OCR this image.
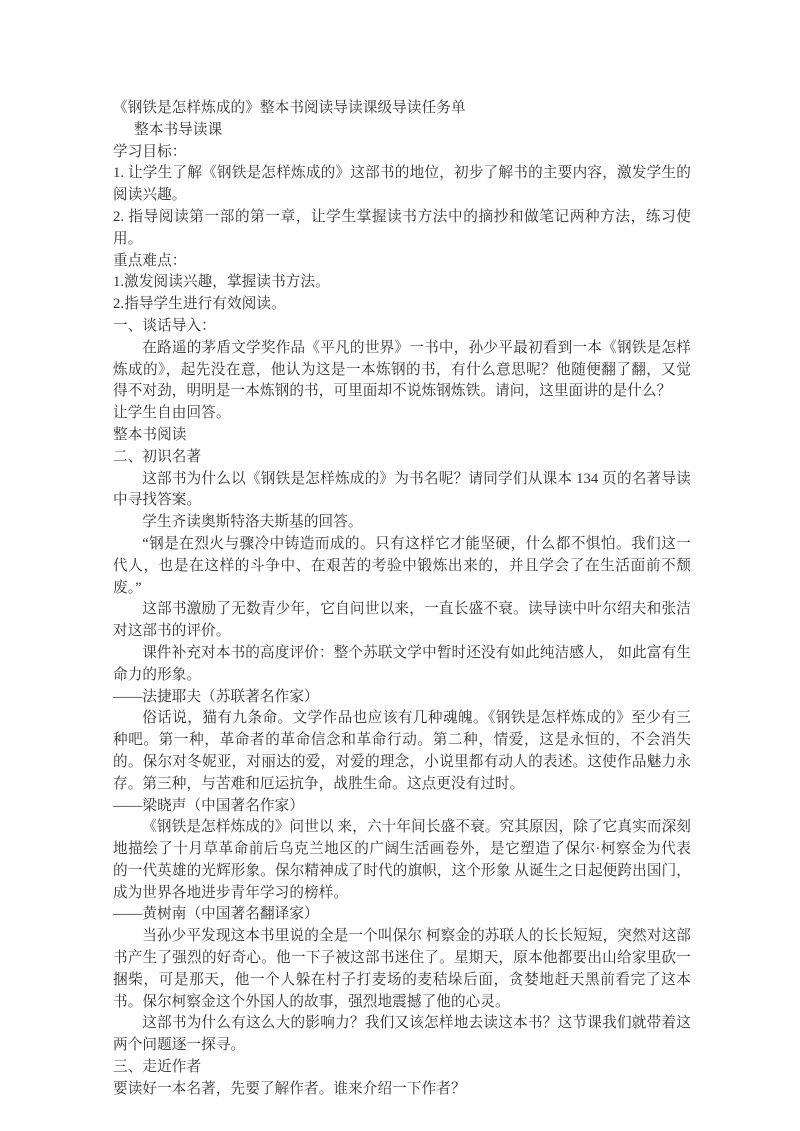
《钢铁是怎样炼成的》整本书阅读导读课级导读任务单
整本书导读课
学习目标：

1. 让学生了解《钢铁是怎样炼成的》这部书的地位，初步了解书的主要内容，激发学生的阅读兴趣。

2. 指导阅读第一部的第一章，让学生掌握读书方法中的摘抄和做笔记两种方法，练习使用。

重点难点：
1.激发阅读兴趣，掌握读书方法。
2.指导学生进行有效阅读。
一、谈话导入：

在路遥的茅盾文学奖作品《平凡的世界》一书中，孙少平最初看到一本《钢铁是怎样炼成的》，起先没在意，他认为这是一本炼钢的书，有什么意思呢？他随便翻了翻，又觉得不对劲，明明是一本炼钢的书，可里面却不说炼钢炼铁。请问，这里面讲的是什么？

让学生自由回答。
整本书阅读
二、初识名著

这部书为什么以《钢铁是怎样炼成的》为书名呢？请同学们从课本 134 页的名著导读中寻找答案。

学生齐读奥斯特洛夫斯基的回答。

“钢是在烈火与骤冷中铸造而成的。只有这样它才能坚硬，什么都不惧怕。我们这一代人，也是在这样的斗争中、在艰苦的考验中锻炼出来的，并且学会了在生活面前不颓废。”

这部书激励了无数青少年，它自问世以来，一直长盛不衰。读导读中叶尔绍夫和张洁对这部书的评价。

课件补充对本书的高度评价：整个苏联文学中暂时还没有如此纯洁感人， 如此富有生命力的形象。

——法捷耶夫（苏联著名作家）

俗话说，猫有九条命。文学作品也应该有几种魂魄。《钢铁是怎样炼成的》至少有三种吧。第一种，革命者的革命信念和革命行动。第二种，情爱，这是永恒的，不会消失的。保尔对冬妮亚，对丽达的爱，对爱的理念，小说里都有动人的表述。这使作品魅力永存。第三种，与苦难和厄运抗争，战胜生命。这点更没有过时。

——梁晓声（中国著名作家）

《钢铁是怎样炼成的》问世以 来，六十年间长盛不衰。究其原因，除了它真实而深刻地描绘了十月草革命前后乌克兰地区的广阔生活画卷外，是它塑造了保尔·柯察金为代表的一代英雄的光辉形象。保尔精神成了时代的旗帜，这个形象 从诞生之日起便跨出国门，成为世界各地进步青年学习的榜样。

——黄树南（中国著名翻译家）

当孙少平发现这本书里说的全是一个叫保尔 柯察金的苏联人的长长短短，突然对这部书产生了强烈的好奇心。他一下子被这部书迷住了。星期天，原本他都要出山给家里砍一捆柴，可是那天，他一个人躲在村子打麦场的麦秸垛后面，贪婪地赶天黑前看完了这本书。保尔柯察金这个外国人的故事，强烈地震撼了他的心灵。

这部书为什么有这么大的影响力？我们又该怎样地去读这本书？这节课我们就带着这两个问题逐一探寻。

三、走近作者
要读好一本名著，先要了解作者。谁来介绍一下作者？
